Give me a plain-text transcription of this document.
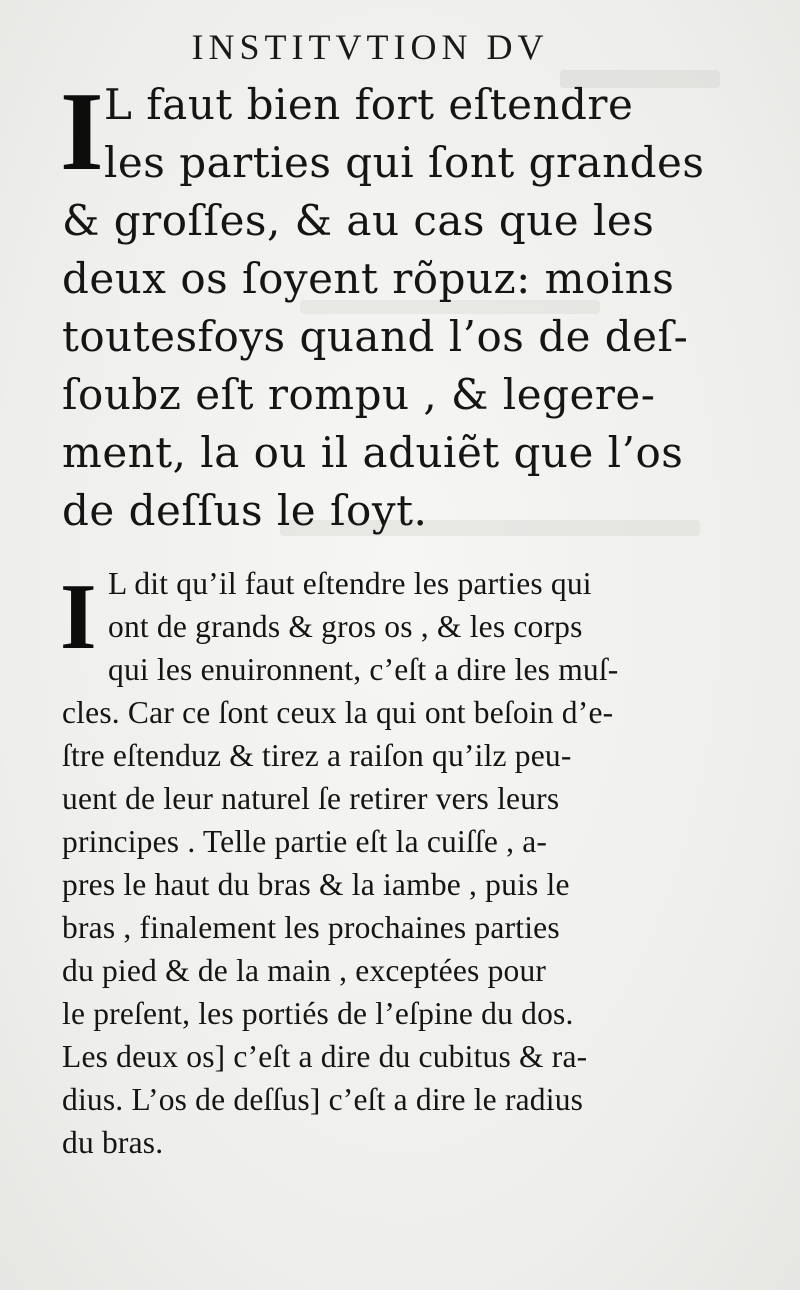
INSTITVTION DV
I L faut bien fort eſtendre
les parties qui ſont grandes
& groſſes, & au cas que les
deux os ſoyent rõpuz: moins
toutesfoys quand l’os de deſ-
ſoubz eſt rompu , & legere-
ment, la ou il aduiẽt que l’os
de deſſus le ſoyt.
I L dit qu’il faut eſtendre les parties qui
ont de grands & gros os , & les corps
qui les enuironnent, c’eſt a dire les muſ-
cles. Car ce ſont ceux la qui ont beſoin d’e-
ſtre eſtenduz & tirez a raiſon qu’ilz peu-
uent de leur naturel ſe retirer vers leurs
principes . Telle partie eſt la cuiſſe , a-
pres le haut du bras & la iambe , puis le
bras , finalement les prochaines parties
du pied & de la main , exceptées pour
le preſent, les portiés de l’eſpine du dos.
Les deux os] c’eſt a dire du cubitus & ra-
dius. L’os de deſſus] c’eſt a dire le radius
du bras.
